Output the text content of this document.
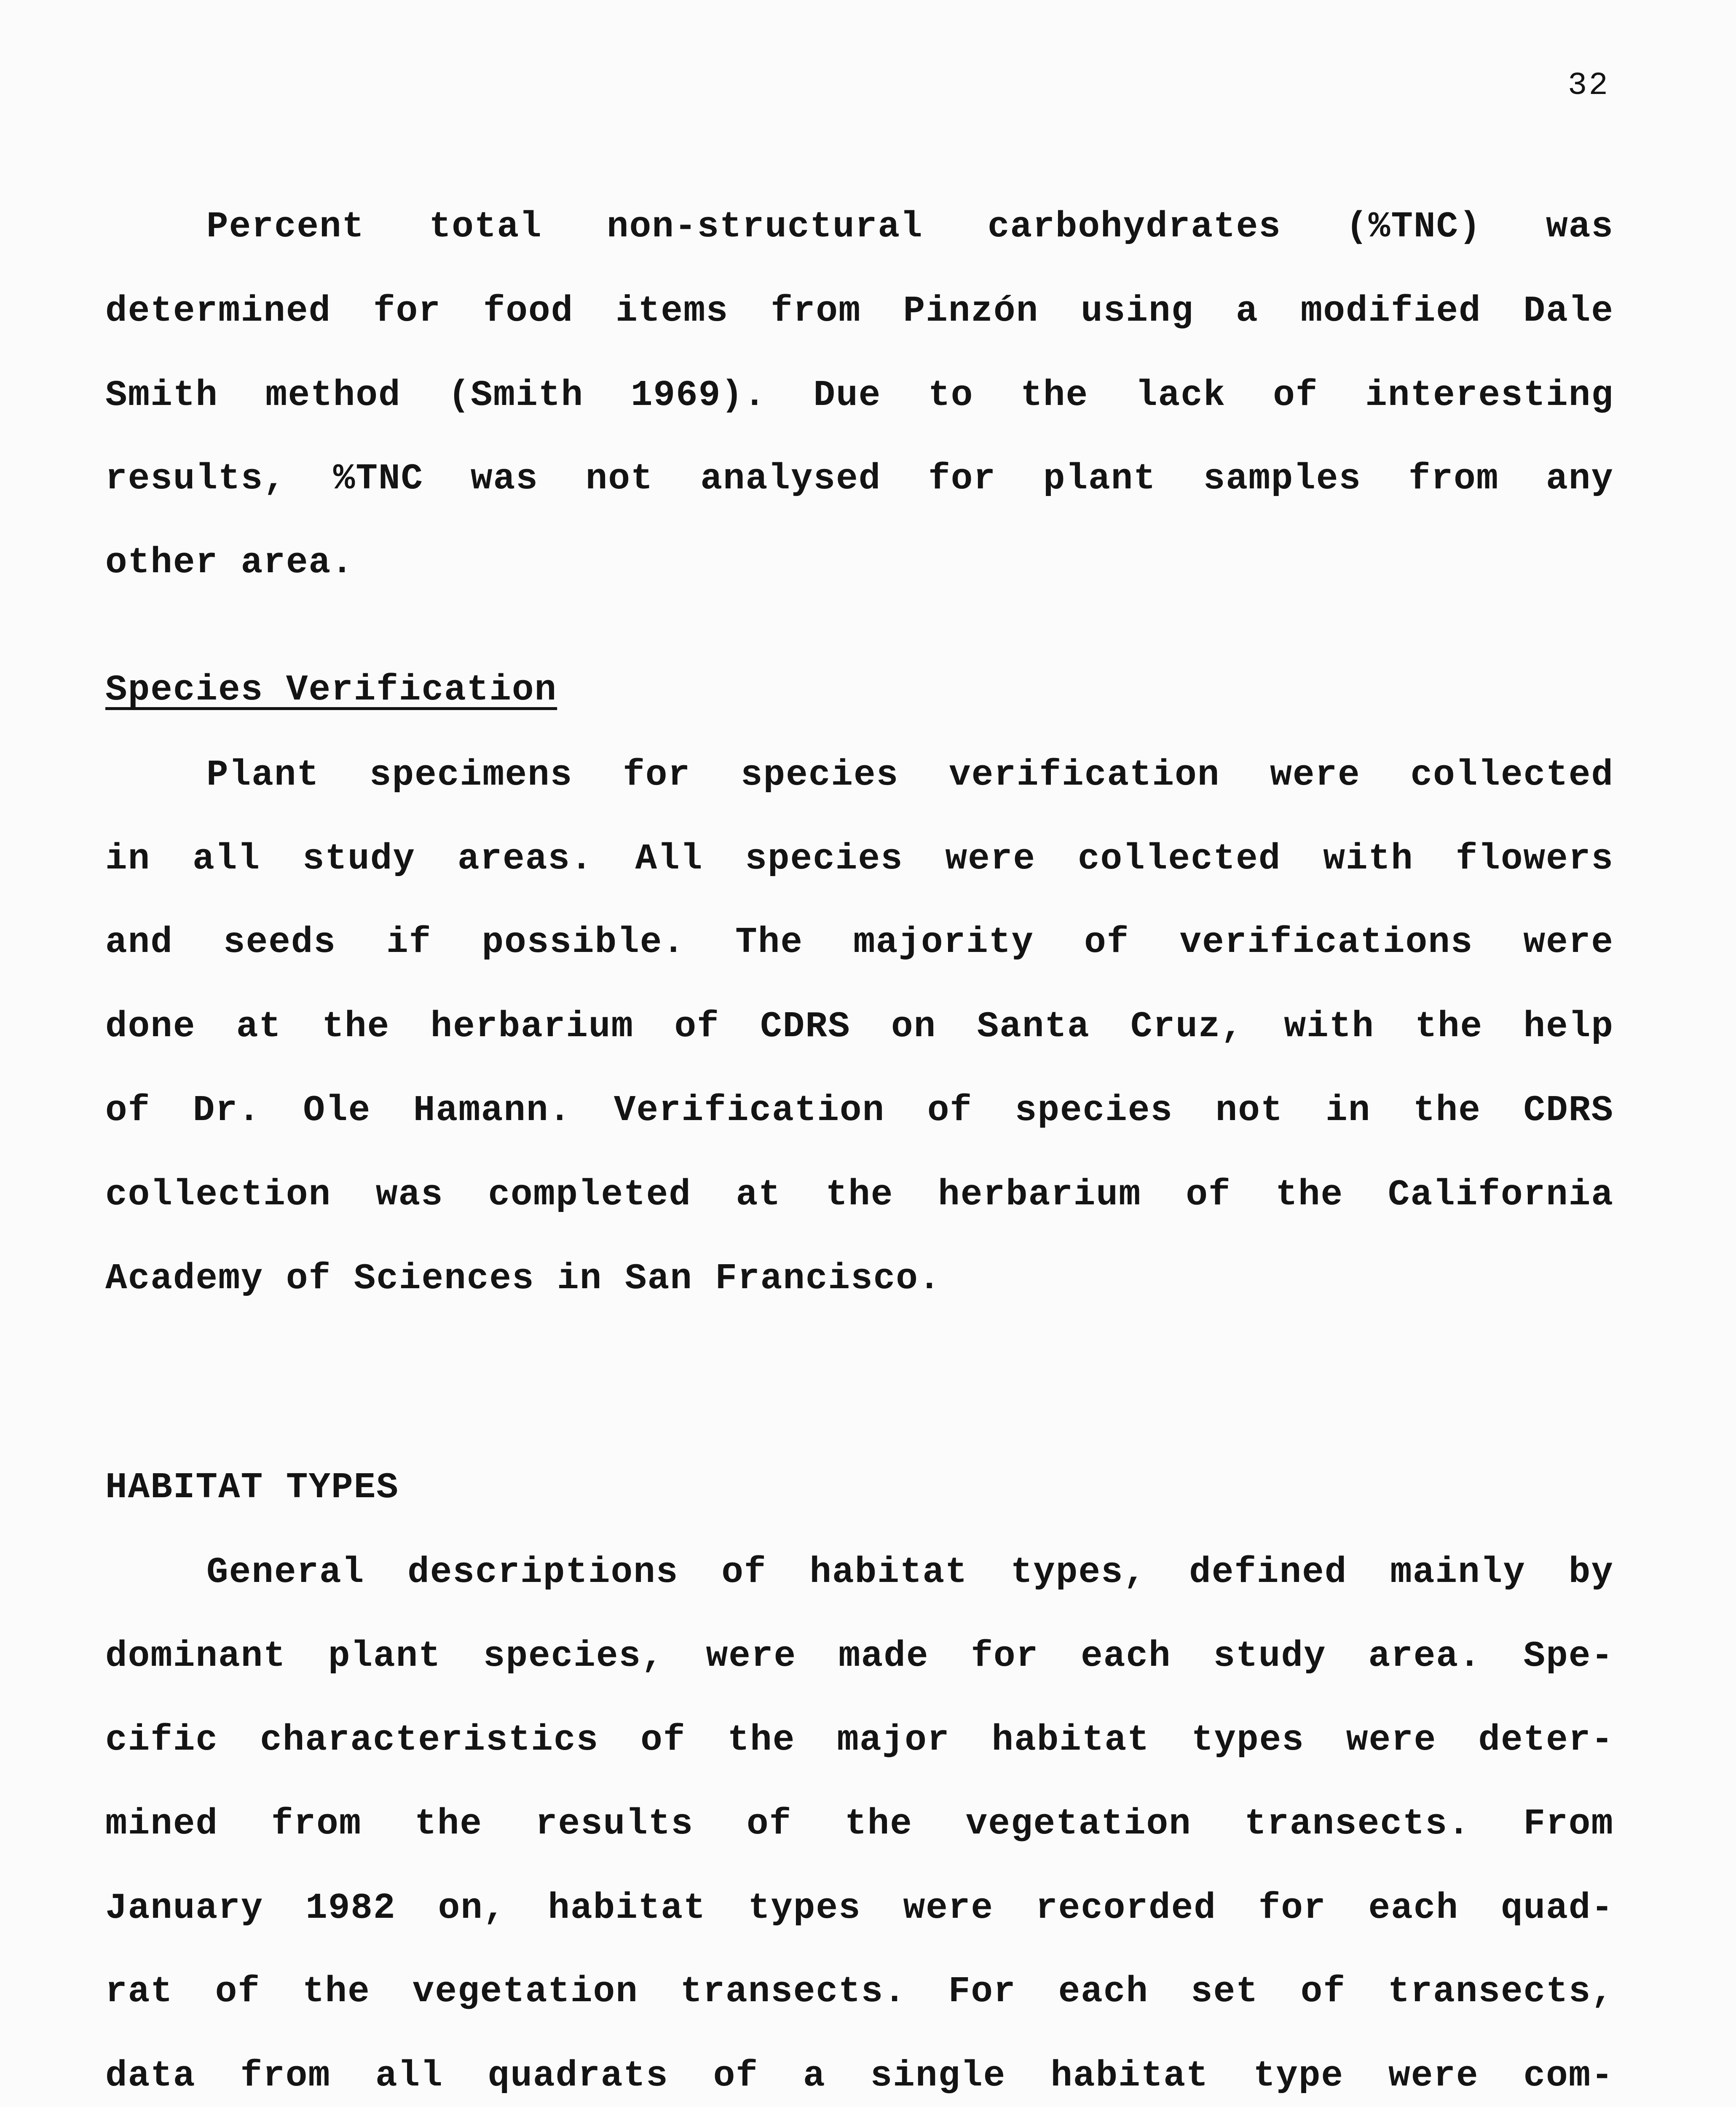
32
Percent total non-structural carbohydrates (%TNC) was
determined for food items from Pinzón using a modified Dale
Smith method (Smith 1969). Due to the lack of interesting
results, %TNC was not analysed for plant samples from any
other area.
Species Verification
Plant specimens for species verification were collected
in all study areas. All species were collected with flowers
and seeds if possible. The majority of verifications were
done at the herbarium of CDRS on Santa Cruz, with the help
of Dr. Ole Hamann. Verification of species not in the CDRS
collection was completed at the herbarium of the California
Academy of Sciences in San Francisco.
HABITAT TYPES
General descriptions of habitat types, defined mainly by
dominant plant species, were made for each study area. Spe-
cific characteristics of the major habitat types were deter-
mined from the results of the vegetation transects. From
January 1982 on, habitat types were recorded for each quad-
rat of the vegetation transects. For each set of transects,
data from all quadrats of a single habitat type were com-
